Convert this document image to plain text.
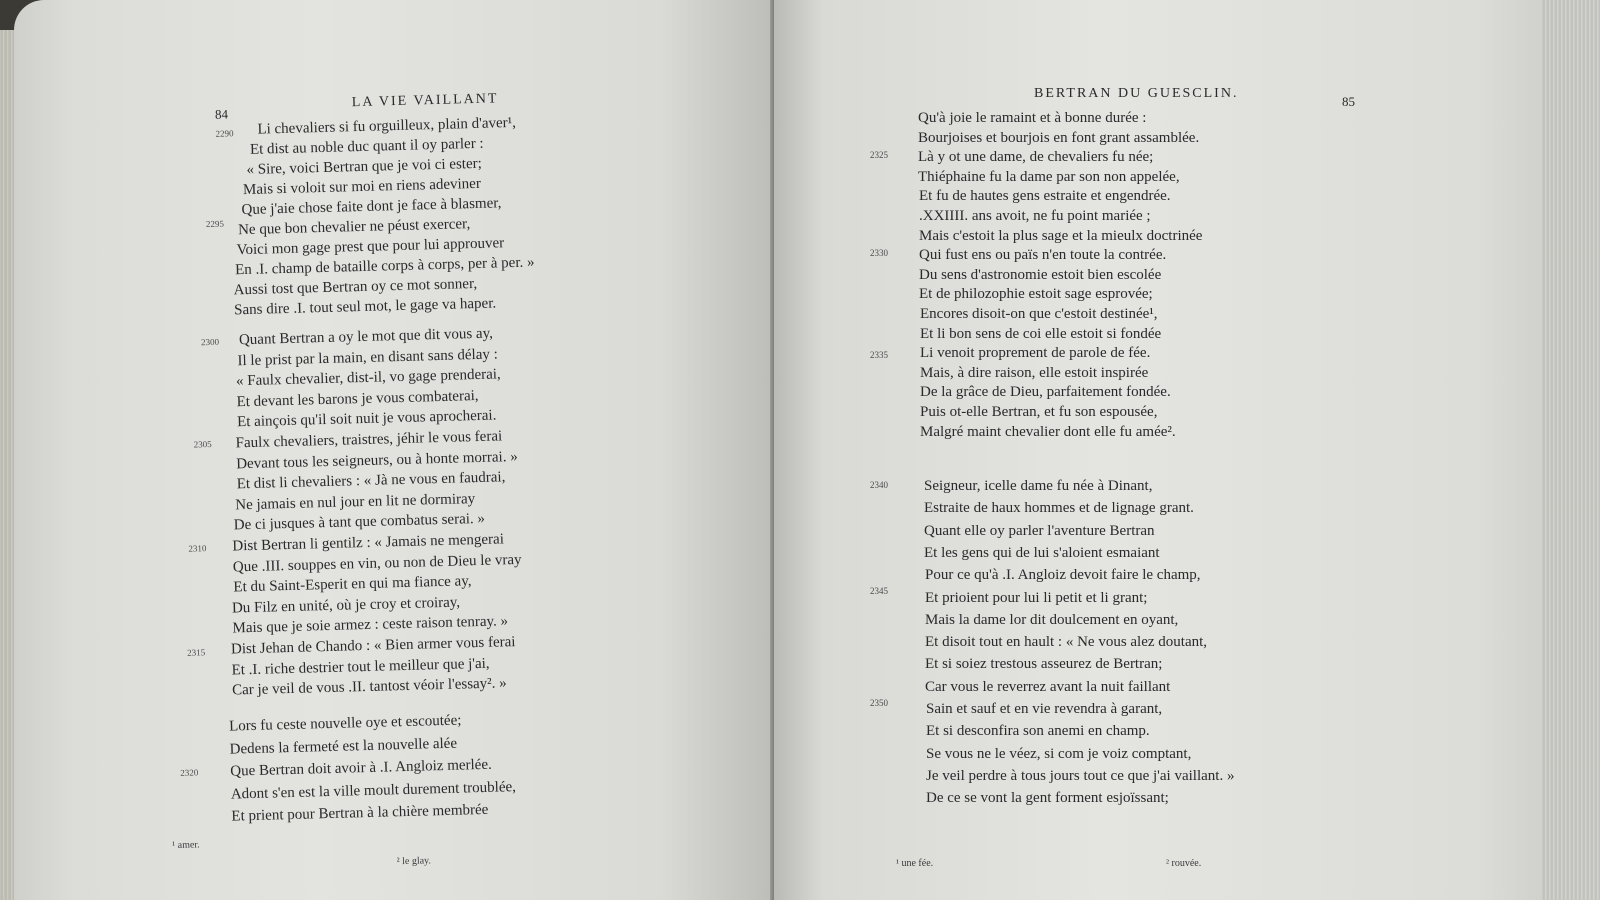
84
LA VIE VAILLANT
Li chevaliers si fu orguilleux, plain d'aver¹,
Et dist au noble duc quant il oy parler :
« Sire, voici Bertran que je voi ci ester;
Mais si voloit sur moi en riens adeviner
Que j'aie chose faite dont je face à blasmer,
Ne que bon chevalier ne péust exercer,
Voici mon gage prest que pour lui approuver
En .I. champ de bataille corps à corps, per à per. »
Aussi tost que Bertran oy ce mot sonner,
Sans dire .I. tout seul mot, le gage va haper.
Quant Bertran a oy le mot que dit vous ay,
Il le prist par la main, en disant sans délay :
« Faulx chevalier, dist-il, vo gage prenderai,
Et devant les barons je vous combaterai,
Et ainçois qu'il soit nuit je vous aprocherai.
Faulx chevaliers, traistres, jéhir le vous ferai
Devant tous les seigneurs, ou à honte morrai. »
Et dist li chevaliers : « Jà ne vous en faudrai,
Ne jamais en nul jour en lit ne dormiray
De ci jusques à tant que combatus serai. »
Dist Bertran li gentilz : « Jamais ne mengerai
Que .III. souppes en vin, ou non de Dieu le vray
Et du Saint-Esperit en qui ma fiance ay,
Du Filz en unité, où je croy et croiray,
Mais que je soie armez : ceste raison tenray. »
Dist Jehan de Chando : « Bien armer vous ferai
Et .I. riche destrier tout le meilleur que j'ai,
Car je veil de vous .II. tantost véoir l'essay². »
Lors fu ceste nouvelle oye et escoutée;
Dedens la fermeté est la nouvelle alée
Que Bertran doit avoir à .I. Angloiz merlée.
Adont s'en est la ville moult durement troublée,
Et prient pour Bertran à la chière membrée
2290
2300
2295
2305
2310
2315
2320
¹ amer.
² le glay.
BERTRAN DU GUESCLIN.
85
Qu'à joie le ramaint et à bonne durée :
Bourjoises et bourjois en font grant assamblée.
Là y ot une dame, de chevaliers fu née;
Thiéphaine fu la dame par son non appelée,
Et fu de hautes gens estraite et engendrée.
.XXIIII. ans avoit, ne fu point mariée ;
Mais c'estoit la plus sage et la mieulx doctrinée
Qui fust ens ou païs n'en toute la contrée.
Du sens d'astronomie estoit bien escolée
Et de philozophie estoit sage esprovée;
Encores disoit-on que c'estoit destinée¹,
Et li bon sens de coi elle estoit si fondée
Li venoit proprement de parole de fée.
Mais, à dire raison, elle estoit inspirée
De la grâce de Dieu, parfaitement fondée.
Puis ot-elle Bertran, et fu son espousée,
Malgré maint chevalier dont elle fu amée².
Seigneur, icelle dame fu née à Dinant,
Estraite de haux hommes et de lignage grant.
Quant elle oy parler l'aventure Bertran
Et les gens qui de lui s'aloient esmaiant
Pour ce qu'à .I. Angloiz devoit faire le champ,
Et prioient pour lui li petit et li grant;
Mais la dame lor dit doulcement en oyant,
Et disoit tout en hault : « Ne vous alez doutant,
Et si soiez trestous asseurez de Bertran;
Car vous le reverrez avant la nuit faillant
Sain et sauf et en vie revendra à garant,
Et si desconfira son anemi en champ.
Se vous ne le véez, si com je voiz comptant,
Je veil perdre à tous jours tout ce que j'ai vaillant. »
De ce se vont la gent forment esjoïssant;
2325
2330
2335
2340
2345
2350
¹ une fée.	² rouvée.
